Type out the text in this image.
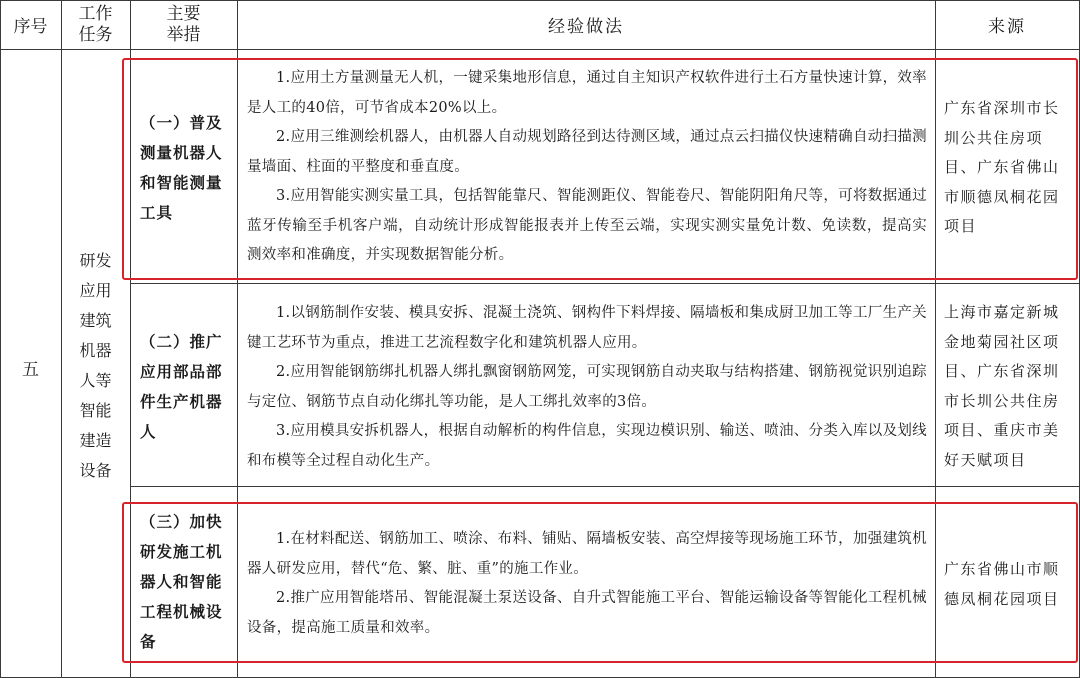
序号
工作
任务
主要
举措	经验做法	来源
五
研发
应用
建筑
机器
人等
智能
建造
设备
（一）普及
测量机器人
和智能测量
工具

1.应用土方量测量无人机，一键采集地形信息，通过自主知识产权软件进行土石方量快速计算，效率是人工的40倍，可节省成本20%以上。

2.应用三维测绘机器人，由机器人自动规划路径到达待测区域，通过点云扫描仪快速精确自动扫描测量墙面、柱面的平整度和垂直度。

3.应用智能实测实量工具，包括智能靠尺、智能测距仪、智能卷尺、智能阴阳角尺等，可将数据通过蓝牙传输至手机客户端，自动统计形成智能报表并上传至云端，实现实测实量免计数、免读数，提高实测效率和准确度，并实现数据智能分析。

广东省深圳市长
圳公共住房项
目、广东省佛山
市顺德凤桐花园
项目
（二）推广
应用部品部
件生产机器
人

1.以钢筋制作安装、模具安拆、混凝土浇筑、钢构件下料焊接、隔墙板和集成厨卫加工等工厂生产关键工艺环节为重点，推进工艺流程数字化和建筑机器人应用。

2.应用智能钢筋绑扎机器人绑扎飘窗钢筋网笼，可实现钢筋自动夹取与结构搭建、钢筋视觉识别追踪与定位、钢筋节点自动化绑扎等功能，是人工绑扎效率的3倍。

3.应用模具安拆机器人，根据自动解析的构件信息，实现边模识别、输送、喷油、分类入库以及划线和布模等全过程自动化生产。

上海市嘉定新城
金地菊园社区项
目、广东省深圳
市长圳公共住房
项目、重庆市美
好天赋项目
（三）加快
研发施工机
器人和智能
工程机械设
备

1.在材料配送、钢筋加工、喷涂、布料、铺贴、隔墙板安装、高空焊接等现场施工环节，加强建筑机器人研发应用，替代“危、繁、脏、重”的施工作业。

2.推广应用智能塔吊、智能混凝土泵送设备、自升式智能施工平台、智能运输设备等智能化工程机械设备，提高施工质量和效率。

广东省佛山市顺
德凤桐花园项目
